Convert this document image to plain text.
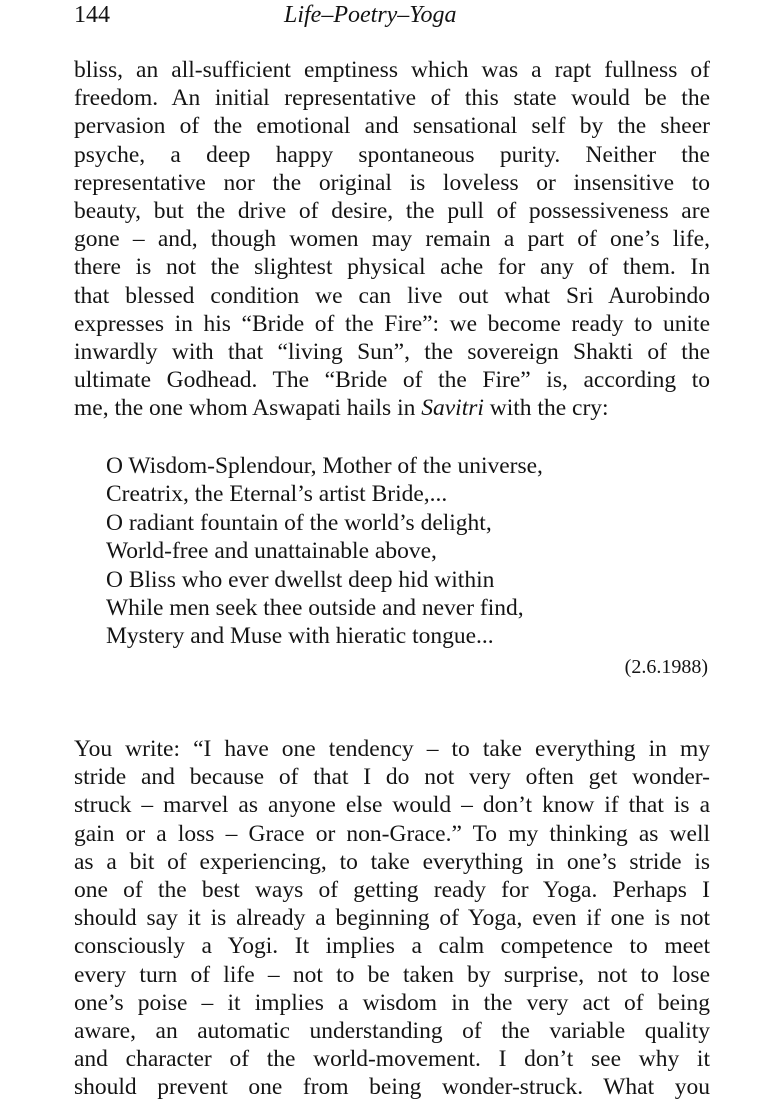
144	Life–Poetry–Yoga
bliss, an all-sufficient emptiness which was a rapt fullness of
freedom. An initial representative of this state would be the
pervasion of the emotional and sensational self by the sheer
psyche, a deep happy spontaneous purity. Neither the
representative nor the original is loveless or insensitive to
beauty, but the drive of desire, the pull of possessiveness are
gone – and, though women may remain a part of one’s life,
there is not the slightest physical ache for any of them. In
that blessed condition we can live out what Sri Aurobindo
expresses in his “Bride of the Fire”: we become ready to unite
inwardly with that “living Sun”, the sovereign Shakti of the
ultimate Godhead. The “Bride of the Fire” is, according to
me, the one whom Aswapati hails in Savitri with the cry:
O Wisdom-Splendour, Mother of the universe,
Creatrix, the Eternal’s artist Bride,...
O radiant fountain of the world’s delight,
World-free and unattainable above,
O Bliss who ever dwellst deep hid within
While men seek thee outside and never find,
Mystery and Muse with hieratic tongue...
(2.6.1988)
You write: “I have one tendency – to take everything in my
stride and because of that I do not very often get wonder-
struck – marvel as anyone else would – don’t know if that is a
gain or a loss – Grace or non-Grace.” To my thinking as well
as a bit of experiencing, to take everything in one’s stride is
one of the best ways of getting ready for Yoga. Perhaps I
should say it is already a beginning of Yoga, even if one is not
consciously a Yogi. It implies a calm competence to meet
every turn of life – not to be taken by surprise, not to lose
one’s poise – it implies a wisdom in the very act of being
aware, an automatic understanding of the variable quality
and character of the world-movement. I don’t see why it
should prevent one from being wonder-struck. What you
